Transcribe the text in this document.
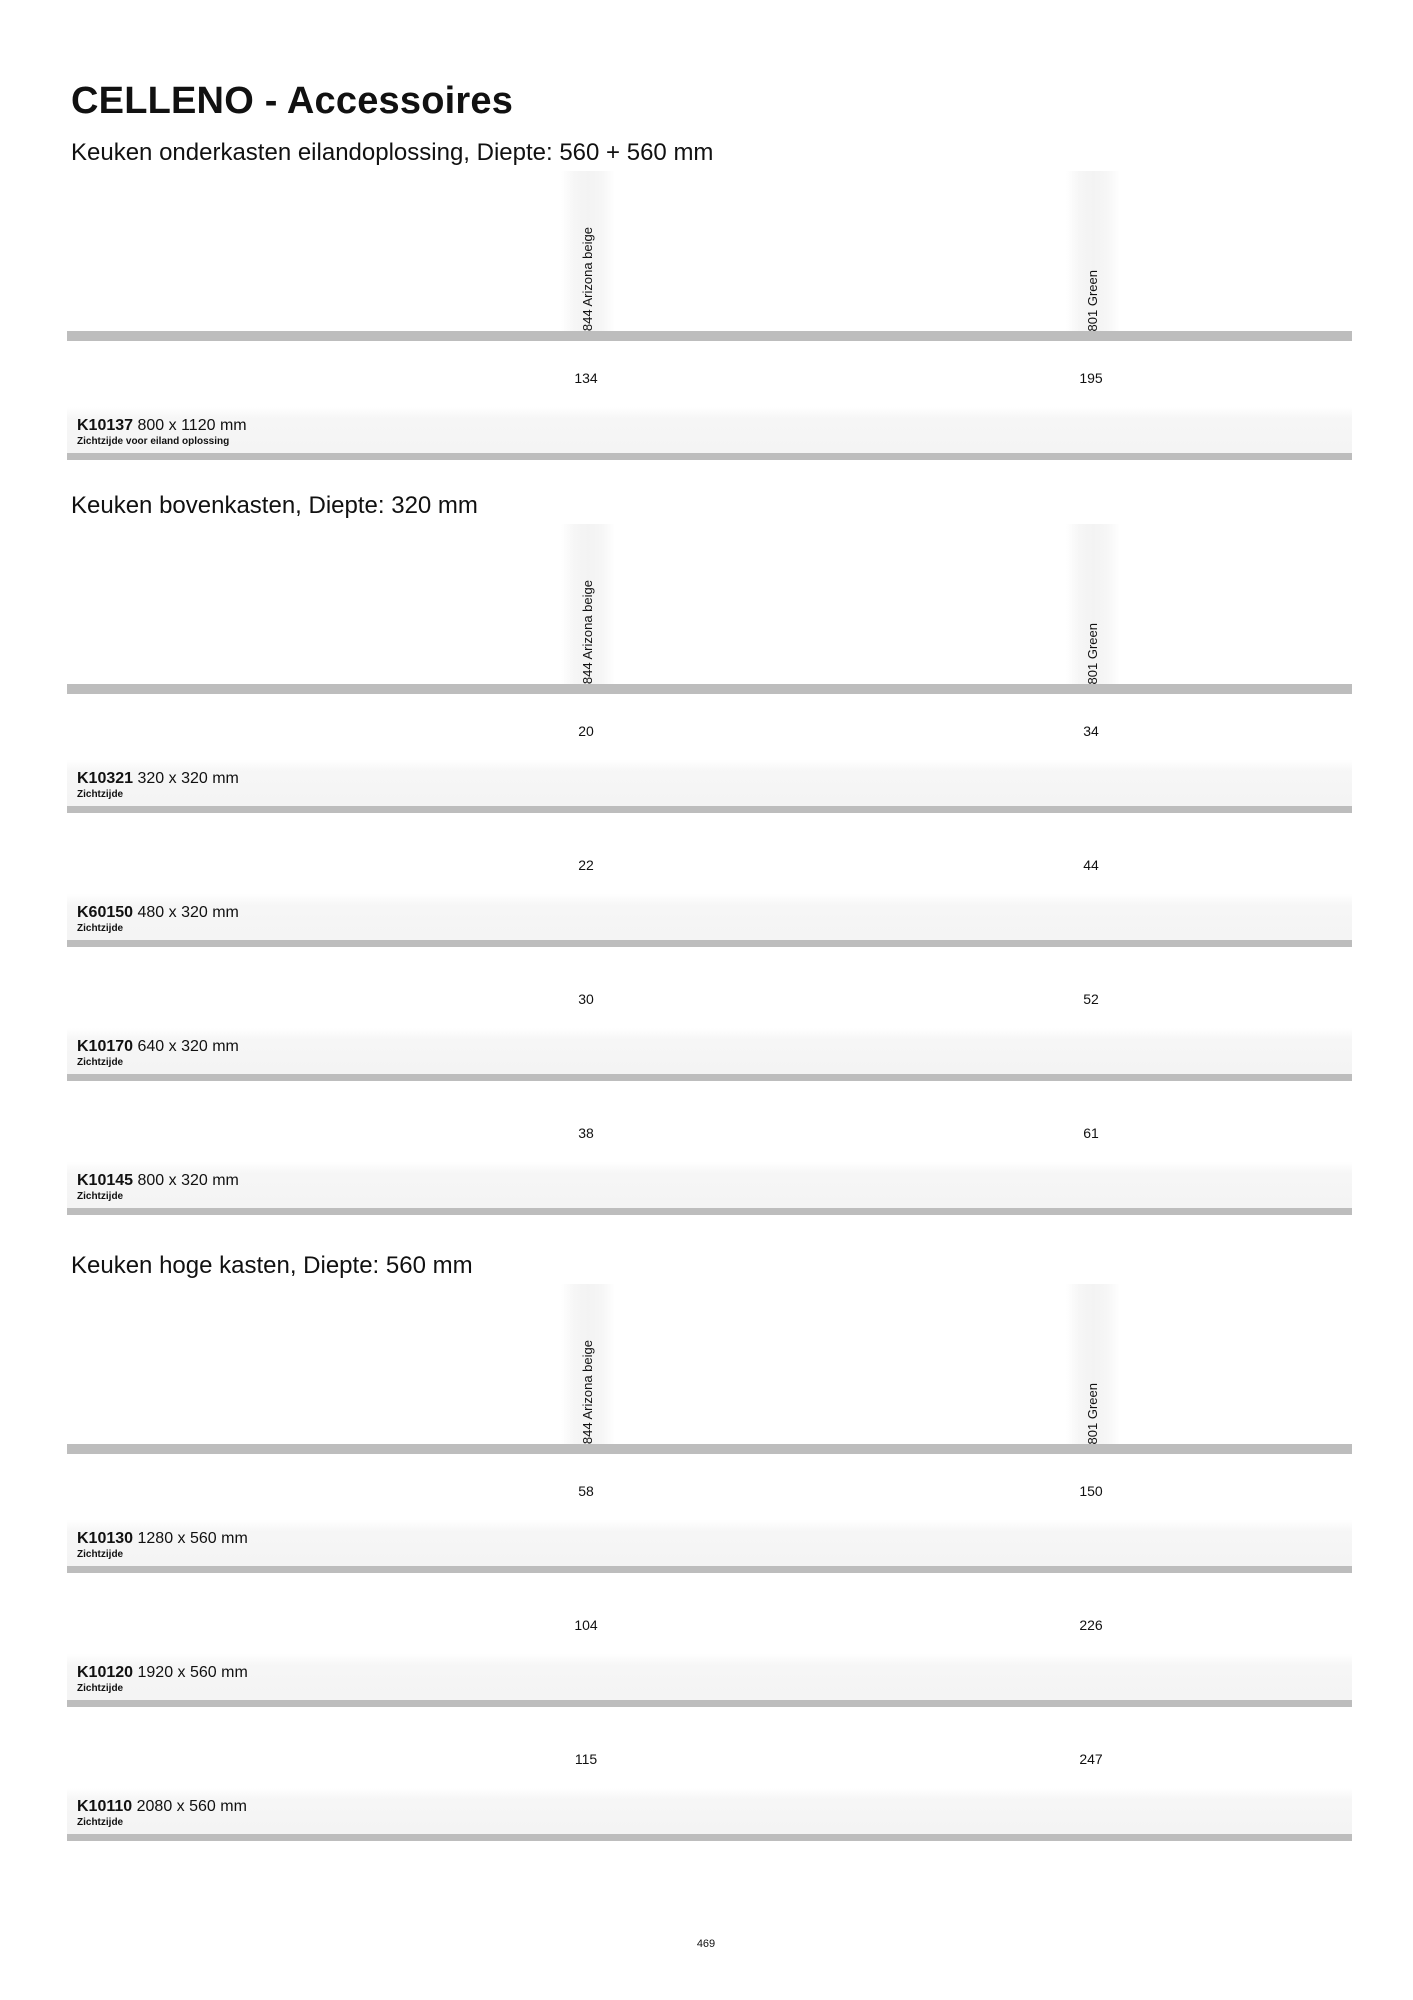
CELLENO - Accessoires
Keuken onderkasten eilandoplossing, Diepte: 560 + 560 mm
844 Arizona beige	801 Green
134	195
K10137 800 x 1120 mm
Zichtzijde voor eiland oplossing
Keuken bovenkasten, Diepte: 320 mm
844 Arizona beige	801 Green
20	34
K10321 320 x 320 mm
Zichtzijde
22	44
K60150 480 x 320 mm
Zichtzijde
30	52
K10170 640 x 320 mm
Zichtzijde
38	61
K10145 800 x 320 mm
Zichtzijde
Keuken hoge kasten, Diepte: 560 mm
844 Arizona beige	801 Green
58	150
K10130 1280 x 560 mm
Zichtzijde
104	226
K10120 1920 x 560 mm
Zichtzijde
115	247
K10110 2080 x 560 mm
Zichtzijde
469
